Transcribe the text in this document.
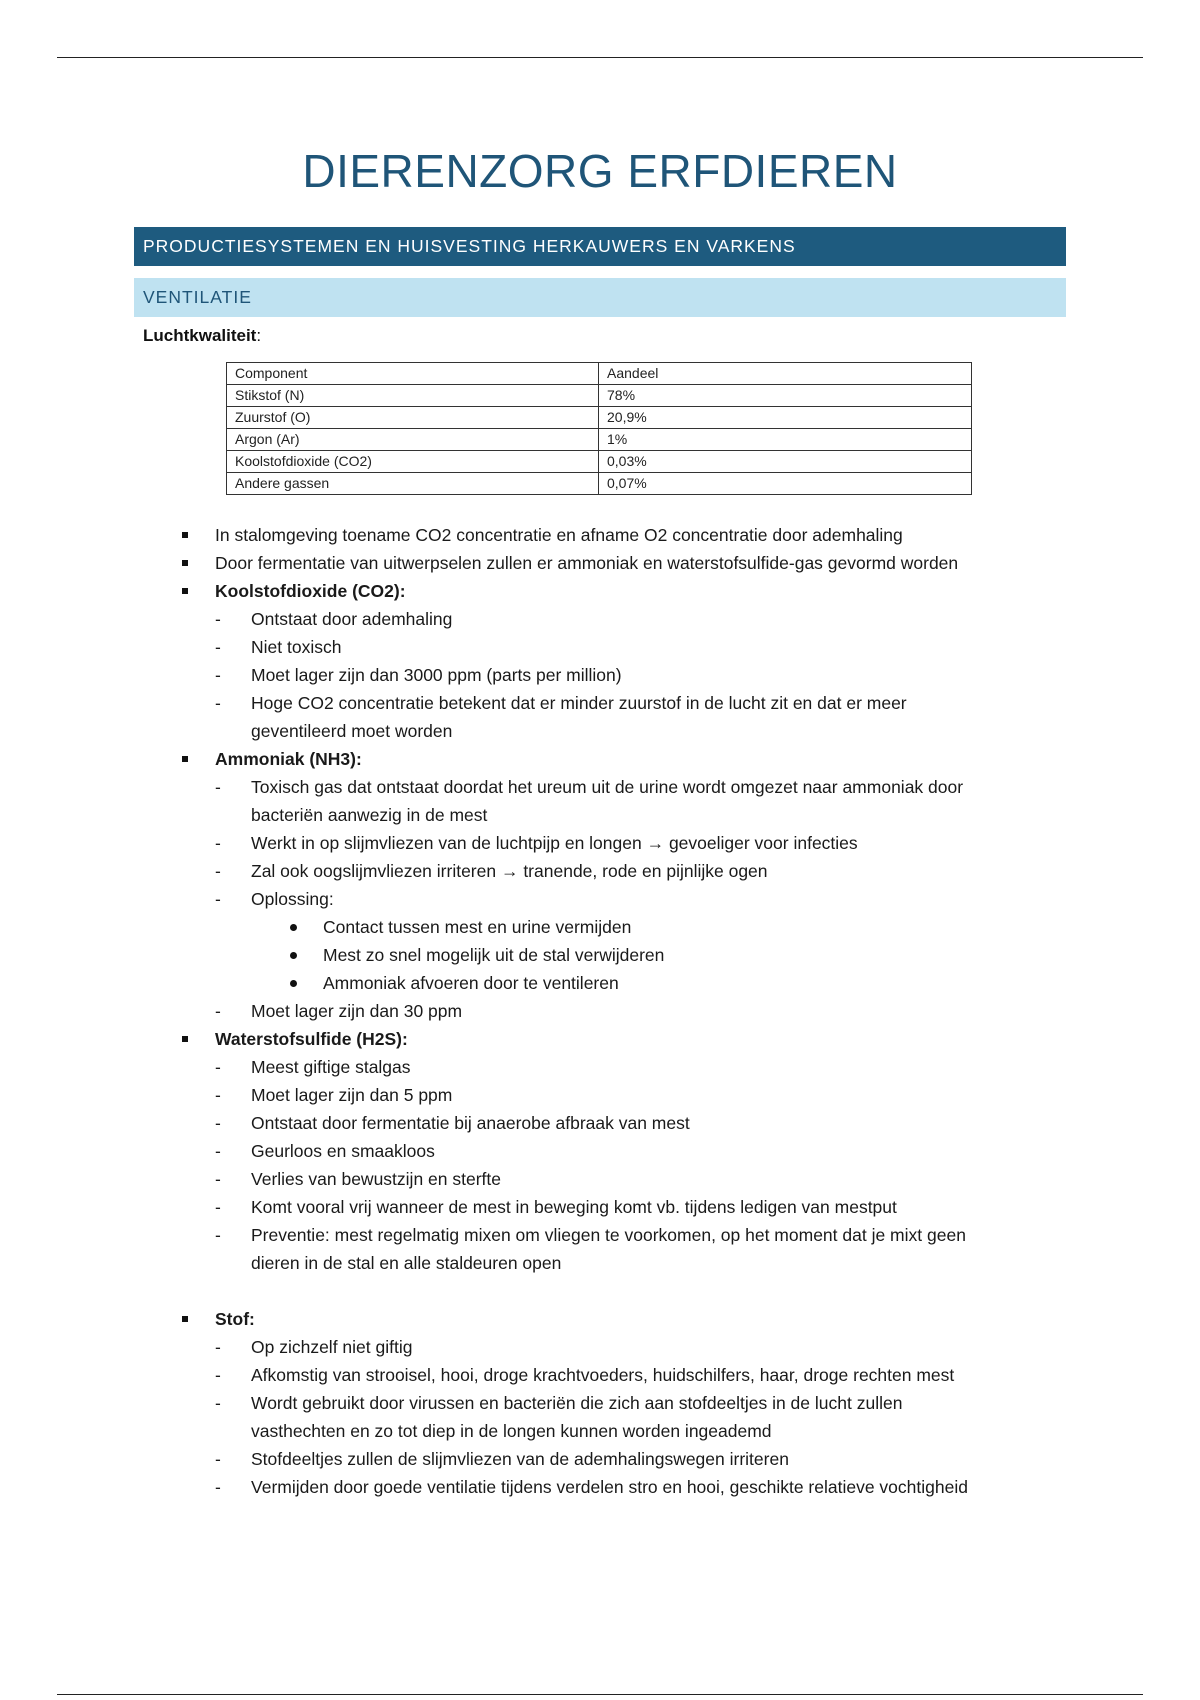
DIERENZORG ERFDIEREN
PRODUCTIESYSTEMEN EN HUISVESTING HERKAUWERS EN VARKENS
VENTILATIE
Luchtkwaliteit:
Component	Aandeel
Stikstof (N)	78%
Zuurstof (O)	20,9%
Argon (Ar)	1%
Koolstofdioxide (CO2)	0,03%
Andere gassen	0,07%
In stalomgeving toename CO2 concentratie en afname O2 concentratie door ademhaling
Door fermentatie van uitwerpselen zullen er ammoniak en waterstofsulfide-gas gevormd worden
Koolstofdioxide (CO2):
- Ontstaat door ademhaling
- Niet toxisch
- Moet lager zijn dan 3000 ppm (parts per million)
- Hoge CO2 concentratie betekent dat er minder zuurstof in de lucht zit en dat er meer
geventileerd moet worden
Ammoniak (NH3):
- Toxisch gas dat ontstaat doordat het ureum uit de urine wordt omgezet naar ammoniak door
bacteriën aanwezig in de mest
- Werkt in op slijmvliezen van de luchtpijp en longen → gevoeliger voor infecties
- Zal ook oogslijmvliezen irriteren → tranende, rode en pijnlijke ogen
- Oplossing:
Contact tussen mest en urine vermijden
Mest zo snel mogelijk uit de stal verwijderen
Ammoniak afvoeren door te ventileren
- Moet lager zijn dan 30 ppm
Waterstofsulfide (H2S):
- Meest giftige stalgas
- Moet lager zijn dan 5 ppm
- Ontstaat door fermentatie bij anaerobe afbraak van mest
- Geurloos en smaakloos
- Verlies van bewustzijn en sterfte
- Komt vooral vrij wanneer de mest in beweging komt vb. tijdens ledigen van mestput
- Preventie: mest regelmatig mixen om vliegen te voorkomen, op het moment dat je mixt geen
dieren in de stal en alle staldeuren open
Stof:
- Op zichzelf niet giftig
- Afkomstig van strooisel, hooi, droge krachtvoeders, huidschilfers, haar, droge rechten mest
- Wordt gebruikt door virussen en bacteriën die zich aan stofdeeltjes in de lucht zullen
vasthechten en zo tot diep in de longen kunnen worden ingeademd
- Stofdeeltjes zullen de slijmvliezen van de ademhalingswegen irriteren
- Vermijden door goede ventilatie tijdens verdelen stro en hooi, geschikte relatieve vochtigheid
